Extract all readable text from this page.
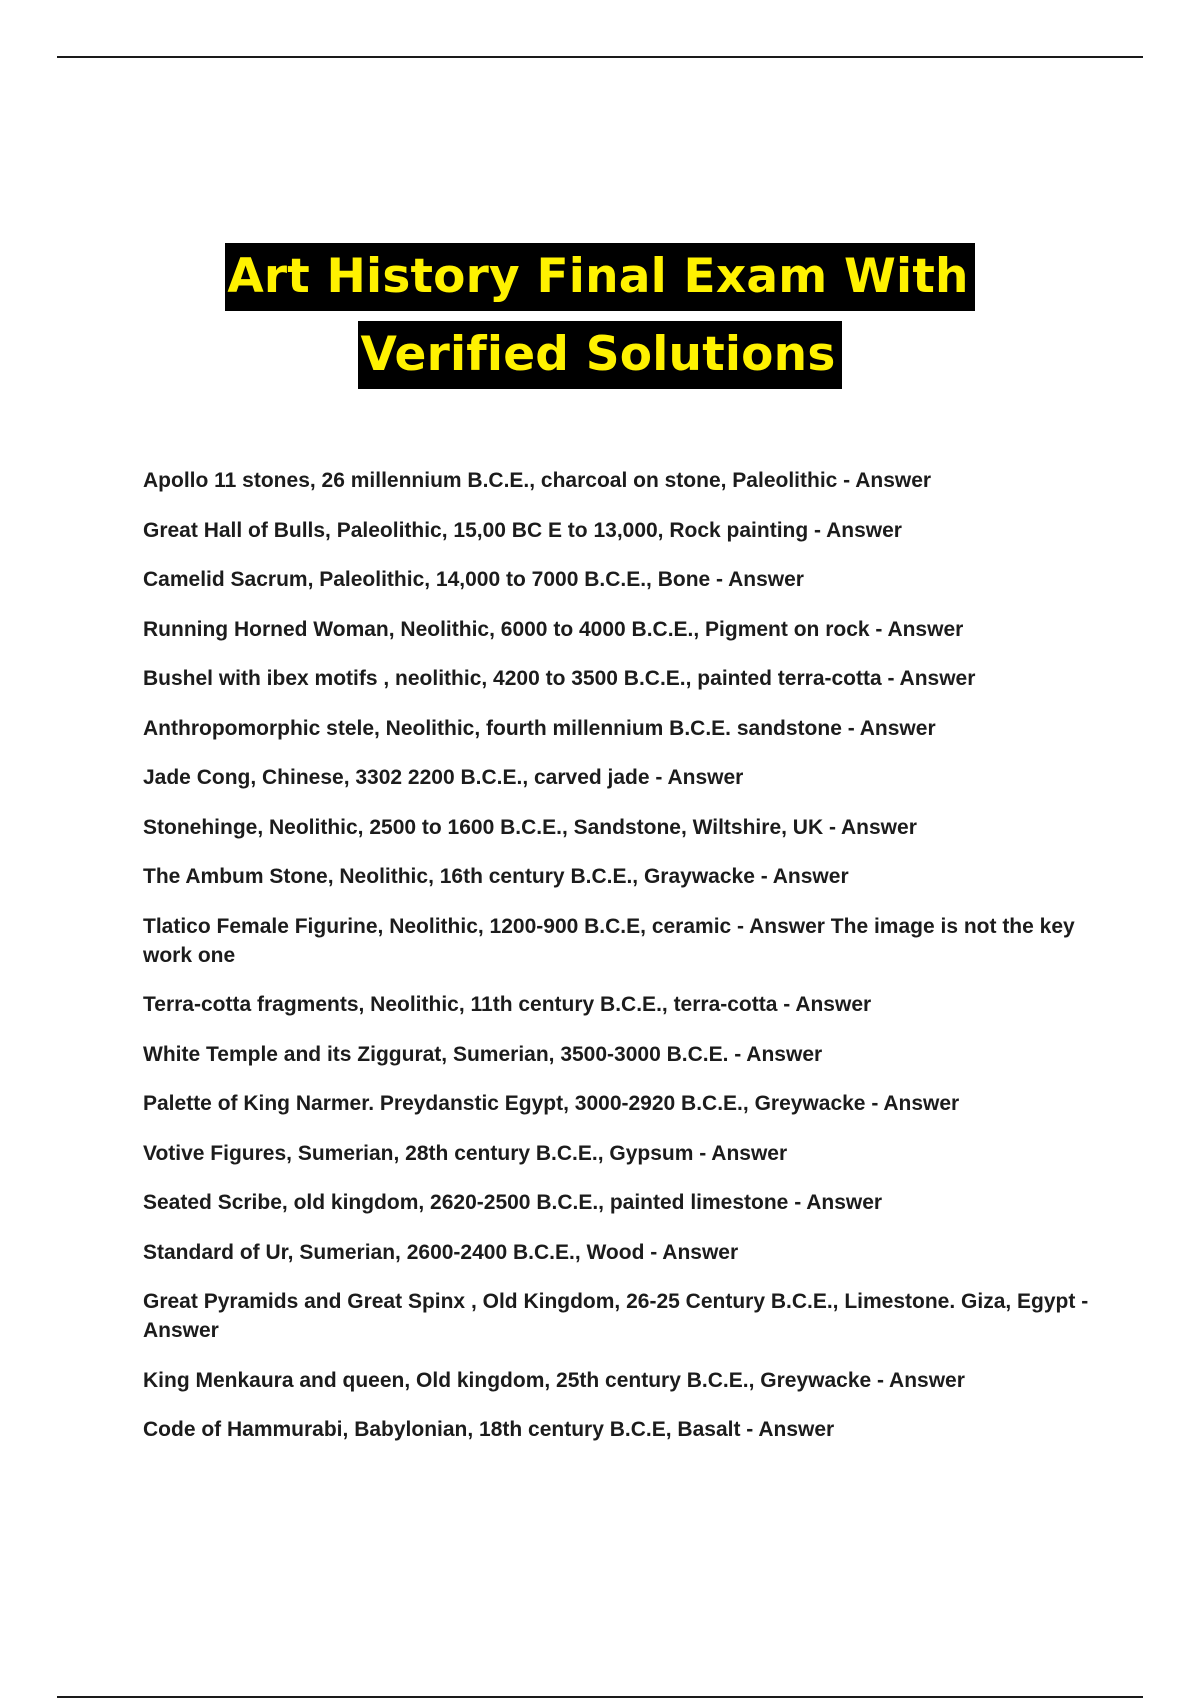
Art History Final Exam With
Verified Solutions
Apollo 11 stones, 26 millennium B.C.E., charcoal on stone, Paleolithic - Answer
Great Hall of Bulls, Paleolithic, 15,00 BC E to 13,000, Rock painting - Answer
Camelid Sacrum, Paleolithic, 14,000 to 7000 B.C.E., Bone - Answer
Running Horned Woman, Neolithic, 6000 to 4000 B.C.E., Pigment on rock - Answer
Bushel with ibex motifs , neolithic, 4200 to 3500 B.C.E., painted terra-cotta - Answer
Anthropomorphic stele, Neolithic, fourth millennium B.C.E. sandstone - Answer
Jade Cong, Chinese, 3302 2200 B.C.E., carved jade - Answer
Stonehinge, Neolithic, 2500 to 1600 B.C.E., Sandstone, Wiltshire, UK - Answer
The Ambum Stone, Neolithic, 16th century B.C.E., Graywacke - Answer
Tlatico Female Figurine, Neolithic, 1200-900 B.C.E, ceramic - Answer The image is not the key work one
Terra-cotta fragments, Neolithic, 11th century B.C.E., terra-cotta - Answer
White Temple and its Ziggurat, Sumerian, 3500-3000 B.C.E. - Answer
Palette of King Narmer. Preydanstic Egypt, 3000-2920 B.C.E., Greywacke - Answer
Votive Figures, Sumerian, 28th century B.C.E., Gypsum - Answer
Seated Scribe, old kingdom, 2620-2500 B.C.E., painted limestone - Answer
Standard of Ur, Sumerian, 2600-2400 B.C.E., Wood - Answer
Great Pyramids and Great Spinx , Old Kingdom, 26-25 Century B.C.E., Limestone. Giza, Egypt - Answer
King Menkaura and queen, Old kingdom, 25th century B.C.E., Greywacke - Answer
Code of Hammurabi, Babylonian, 18th century B.C.E, Basalt - Answer
